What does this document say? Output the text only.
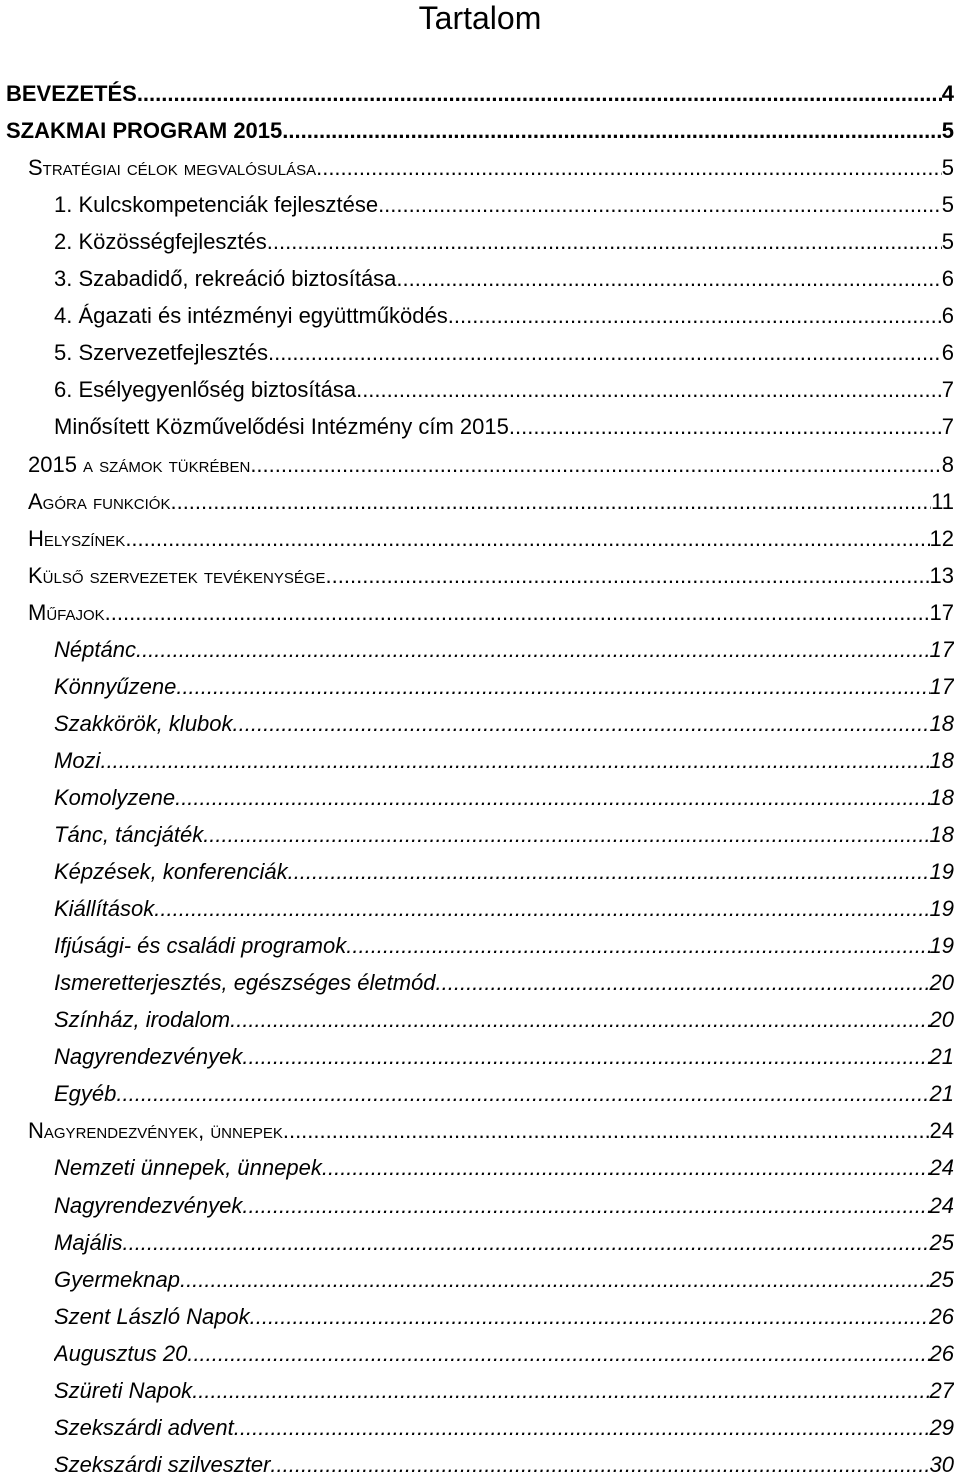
Tartalom
BEVEZETÉS .....	4
SZAKMAI PROGRAM 2015 .....	5
Stratégiai célok megvalósulása .....	5
1. Kulcskompetenciák fejlesztése .....	5
2. Közösségfejlesztés .....	5
3. Szabadidő, rekreáció biztosítása .....	6
4. Ágazati és intézményi együttműködés .....	6
5. Szervezetfejlesztés .....	6
6. Esélyegyenlőség biztosítása .....	7
Minősített Közművelődési Intézmény cím 2015 .....	7
2015 a számok tükrében .....	8
Agóra funkciók .....	11
Helyszínek .....	12
Külső szervezetek tevékenysége .....	13
Műfajok .....	17
Néptánc .....	17
Könnyűzene .....	17
Szakkörök, klubok .....	18
Mozi .....	18
Komolyzene .....	18
Tánc, táncjáték .....	18
Képzések, konferenciák .....	19
Kiállítások .....	19
Ifjúsági- és családi programok .....	19
Ismeretterjesztés, egészséges életmód .....	20
Színház, irodalom .....	20
Nagyrendezvények .....	21
Egyéb .....	21
Nagyrendezvények, ünnepek .....	24
Nemzeti ünnepek, ünnepek .....	24
Nagyrendezvények .....	24
Majális .....	25
Gyermeknap .....	25
Szent László Napok .....	26
Augusztus 20. .....	26
Szüreti Napok .....	27
Szekszárdi advent .....	29
Szekszárdi szilveszter .....	30
